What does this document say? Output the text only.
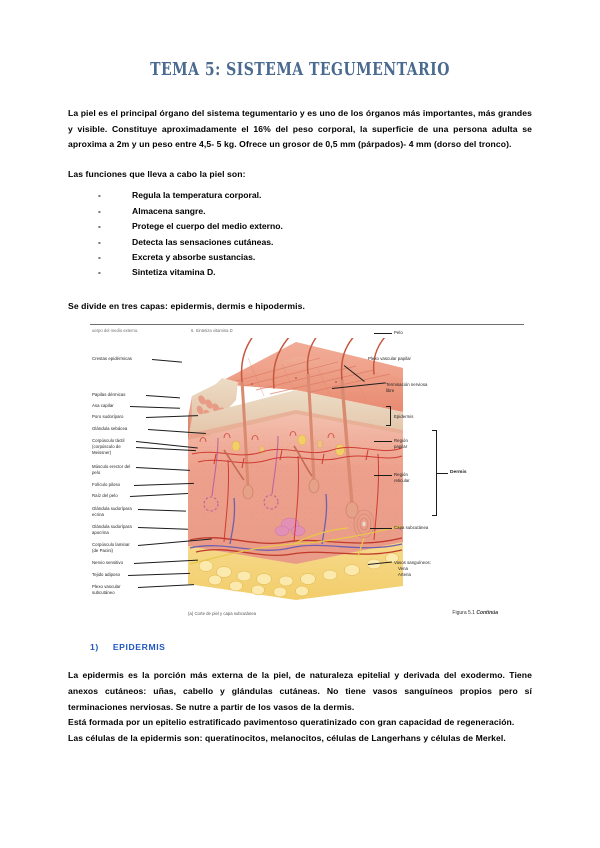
TEMA 5: SISTEMA TEGUMENTARIO

La piel es el principal órgano del sistema tegumentario y es uno de los órganos más importantes, más grandes y visible. Constituye aproximadamente el 16% del peso corporal, la superficie de una persona adulta se aproxima a 2m y un peso entre 4,5- 5 kg. Ofrece un grosor de 0,5 mm (párpados)- 4 mm (dorso del tronco).

Las funciones que lleva a cabo la piel son:

- Regula la temperatura corporal.
- Almacena sangre.
- Protege el cuerpo del medio externo.
- Detecta las sensaciones cutáneas.
- Excreta y absorbe sustancias.
- Sintetiza vitamina D.

Se divide en tres capas: epidermis, dermis e hipodermis.

uerpo del medio externo.	6. Sintetiza vitamina D
Crestas epidérmicas
Papilas dérmicas
Asa capilar
Poro sudoríparo
Glándula sebácea
Corpúsculo táctil (corpúsculo de Meissner)
Músculo erector del pelo
Folículo piloso
Raíz del pelo
Glándula sudorípara ecrina
Glándula sudorípara apocrina
Corpúsculo laminar (de Pacini)
Nervio sensitivo
Tejido adiposo
Plexo vascular subcutáneo
Pelo
Plexo vascular papilar
Terminación nerviosa libre
Epidermis
Región papilar
Región reticular
Dermis
Capa subcutánea
Vasos sanguíneos:
Vena
Arteria
(a) Corte de piel y capa subcutánea	Figura 5.1 Continúa
1) EPIDERMIS

La epidermis es la porción más externa de la piel, de naturaleza epitelial y derivada del exodermo. Tiene anexos cutáneos: uñas, cabello y glándulas cutáneas. No tiene vasos sanguíneos propios pero sí terminaciones nerviosas. Se nutre a partir de los vasos de la dermis.

Está formada por un epitelio estratificado pavimentoso queratinizado con gran capacidad de regeneración.

Las células de la epidermis son: queratinocitos, melanocitos, células de Langerhans y células de Merkel.
